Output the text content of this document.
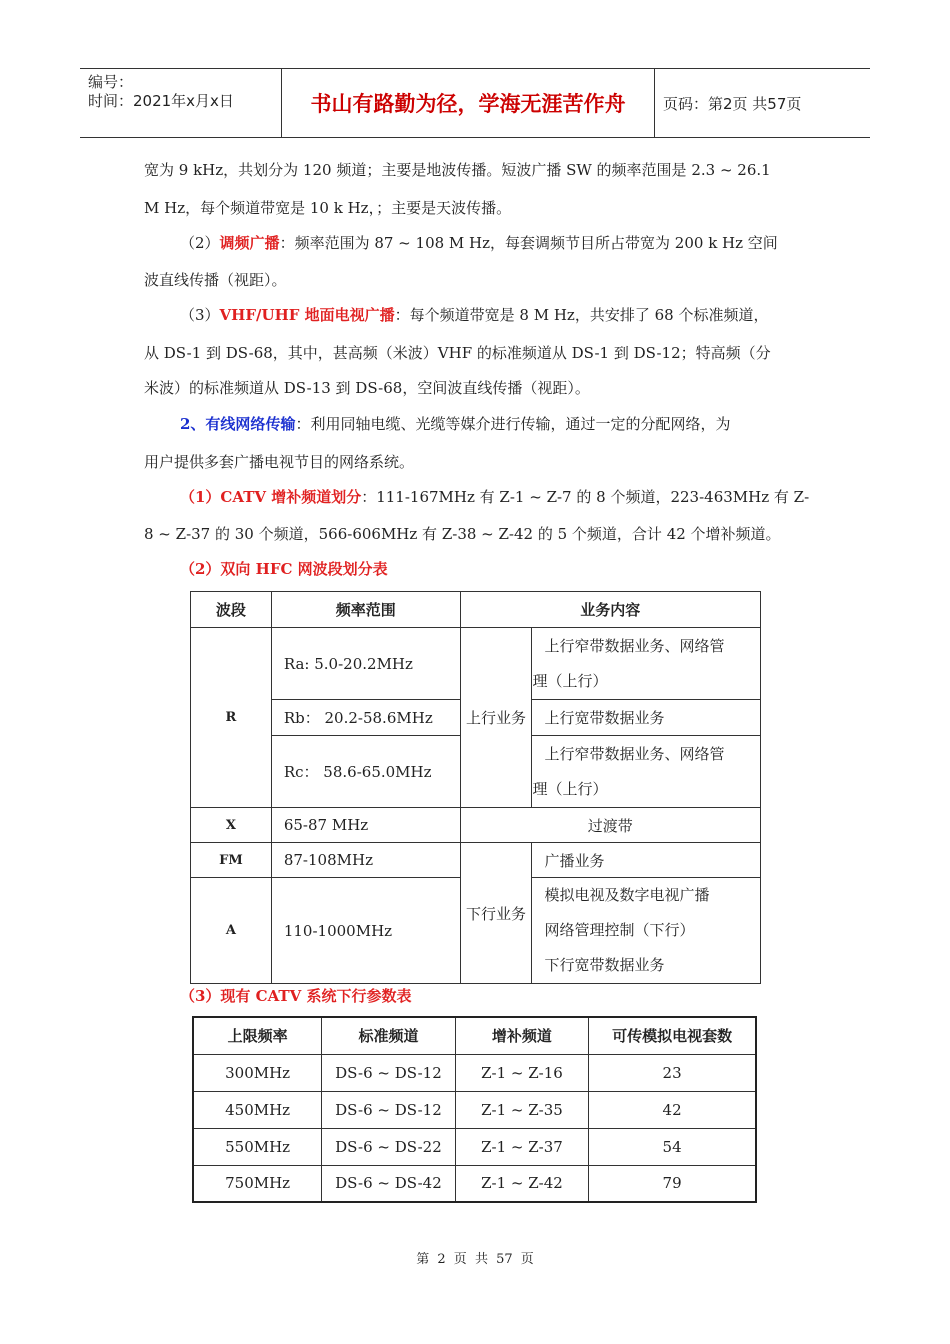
编号：
时间：2021年x月x日	书山有路勤为径，学海无涯苦作舟	页码：第2页 共57页
宽为 9 kHz，共划分为 120 频道；主要是地波传播。短波广播 SW 的频率范围是 2.3 ~ 26.1
M Hz，每个频道带宽是 10 k Hz，；主要是天波传播。
（2）调频广播：频率范围为 87 ~ 108 M Hz，每套调频节目所占带宽为 200 k Hz 空间
波直线传播（视距）。
（3）VHF/UHF 地面电视广播：每个频道带宽是 8 M Hz，共安排了 68 个标准频道，
从 DS-1 到 DS-68，其中，甚高频（米波）VHF 的标准频道从 DS-1 到 DS-12；特高频（分
米波）的标准频道从 DS-13 到 DS-68，空间波直线传播（视距）。
2、有线网络传输：利用同轴电缆、光缆等媒介进行传输，通过一定的分配网络，为
用户提供多套广播电视节目的网络系统。
（1）CATV 增补频道划分：111-167MHz 有 Z-1 ~ Z-7 的 8 个频道，223-463MHz 有 Z-
8 ~ Z-37 的 30 个频道，566-606MHz 有 Z-38 ~ Z-42 的 5 个频道，合计 42 个增补频道。
（2）双向 HFC 网波段划分表
波段	频率范围	业务内容	
R	Ra: 5.0-20.2MHz	上行业务	上行窄带数据业务、网络管
理（上行）

	Rb： 20.2-58.6MHz		上行宽带数据业务
	Rc： 58.6-65.0MHz		上行窄带数据业务、网络管
理（上行）

X	65-87 MHz	过渡带	
FM	87-108MHz	下行业务	广播业务
A	110-1000MHz		模拟电视及数字电视广播
网络管理控制（下行）
下行宽带数据业务
（3）现有 CATV 系统下行参数表
上限频率	标准频道	增补频道	可传模拟电视套数
300MHz	DS-6 ~ DS-12	Z-1 ~ Z-16	23
450MHz	DS-6 ~ DS-12	Z-1 ~ Z-35	42
550MHz	DS-6 ~ DS-22	Z-1 ~ Z-37	54
750MHz	DS-6 ~ DS-42	Z-1 ~ Z-42	79
第 2 页 共 57 页
